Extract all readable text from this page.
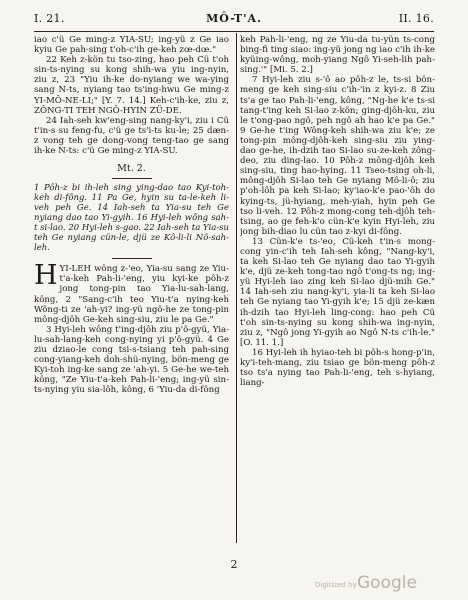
I. 21.	MÔ-T'A.	II. 16.

iao c'ü Ge ming-z YIA-SU; ing-yü z Ge iao kyiu Ge pah-sing t'oh-c'ih ge-keh zœ-dœ."

22 Keh z-kön tu tso-zing, hao peh Cü t'oh sin-ts-nying su kong shih-wa yiu ing-nyin, ziu z, 23 "Yiu ih-ke do-nyiang we wa-ying sang N-ts, nyiang tao ts'ing-hwu Ge ming-z YI-MÔ-NE-LI;" [Y. 7. 14.] Keh-c'ih-ke, ziu z, ZÔNG-TI TEH NGÔ-HYIN ZÜ-DE.

24 Iah-seh kw'eng-sing nang-ky'i, ziu i Cü t'in-s su feng-fu, c'ü ge ts'i-ts ku-le; 25 dæn-z vong teh ge dong-vong teng-tao ge sang ih-ke N-ts: c'ü Ge ming-z YIA-SU.

Mt. 2.

1 Pôh-z bi ih-leh sing ying-dao tao Kyi-toh-keh di-fông. 11 Pa Ge, hyin su ta-le-keh li-veh peh Ge. 14 Iah-seh ta Yia-su teh Ge nyiang dao tao Yi-gyih. 16 Hyi-leh wông sah-t si-lao. 20 Hyi-leh s-gao. 22 Iah-seh ta Yia-su teh Ge nyiang cün-le, djü ze Kô-li-li Nô-sah-leh.

HYI-LEH wông z-'eo, Yia-su sang ze Yiu-t'a-keh Pah-li-'eng, yiu kyi-ke pôh-z jong tong-pin tao Yia-lu-sah-lang, kông, 2 "Sang-c'ih teo Yiu-t'a nying-keh Wông-ti ze 'ah-yi? ing-yü ngô-he ze tong-pin mông-djôh Ge-keh sing-siu, ziu le pa Ge."

3 Hyi-leh wông t'ing-djôh ziu p'ô-gyü, Yia-lu-sah-lang-keh cong-nying yi p'ô-gyü. 4 Ge ziu dziao-le cong tsi-s-tsiang teh pah-sing cong-yiang-keh doh-shü-nying, bön-meng ge Kyi-toh ing-ke sang ze 'ah-yi. 5 Ge-he we-teh kông, "Ze Yiu-t'a-keh Pah-li-'eng; ing-yü sin-ts-nying yiu sia-lôh, kông, 6 'Yiu-da di-fông

keh Pah-li-'eng, ng ze Yiu-da tu-yün ts-cong bing-fi ting siao: ing-yü jong ng iao c'ih ih-ke kyüing-wông, moh-yiang Ngô Yi-seh-lih pah-sing.'" [Mi. 5. 2.]

7 Hyi-leh ziu s-'ô ao pôh-z le, ts-si bön-meng ge keh sing-siu c'ih-'in z kyi-z. 8 Ziu ts'a ge tao Pah-li-'eng, kông, "Ng-he k'e ts-si tang-t'ing keh Si-lao z-kön; ging-djôh-ku, ziu le t'ong-pao ngô, peh ngô ah hao k'e pa Ge." 9 Ge-he t'ing Wông-keh shih-wa ziu k'e; ze tong-pin mông-djôh-keh sing-siu ziu ying-dao ge-he, ih-dzih tao Si-lao su-ze-keh zông-deo, ziu ding-lao. 10 Pôh-z mông-djôh keh sing-siu, ting hao-hying. 11 Tseo-tsing oh-li, mông-djôh Si-lao teh Ge nyiang Mô-li-ô; ziu p'oh-lôh pa keh Si-lao; ky'iao-k'e pao-'ôh do kying-ts, jü-hyiang, meh-yiah, hyin peh Ge tso li-veh. 12 Pôh-z mong-cong teh-djôh teh-tsing, ao ge feh-k'o cün-k'e kyin Hyi-leh, ziu jong bih-diao lu cün tao z-kyi di-fông.

13 Cün-k'e ts-'eo, Cü-keh t'in-s mong-cong yin-c'ih teh Iah-seh kông, "Nang-ky'i, ta keh Si-lao teh Ge nyiang dao tao Yi-gyih k'e, djü ze-keh tong-tao ngô t'ong-ts ng; ing-yü Hyi-leh iao zing keh Si-lao djü-mih Ge." 14 Iah-seh ziu nang-ky'i, yia-li ta keh Si-lao teh Ge nyiang tao Yi-gyih k'e; 15 djü ze-kæn ih-dzih tao Hyi-leh ling-cong: hao peh Cü t'oh sin-ts-nying su kong shih-wa ing-nyin, ziu z, "Ngô jong Yi-gyih ao Ngô N-ts c'ih-le." [O. 11. 1.]

16 Hyi-leh ih hyiao-teh bi pôh-s hong-p'in, ky'i-teh-mang, ziu tsiao ge bön-meng pôh-z tso ts'a nying tao Pah-li-'eng, teh s-hyiang, liang-

2
Digitized by Google
